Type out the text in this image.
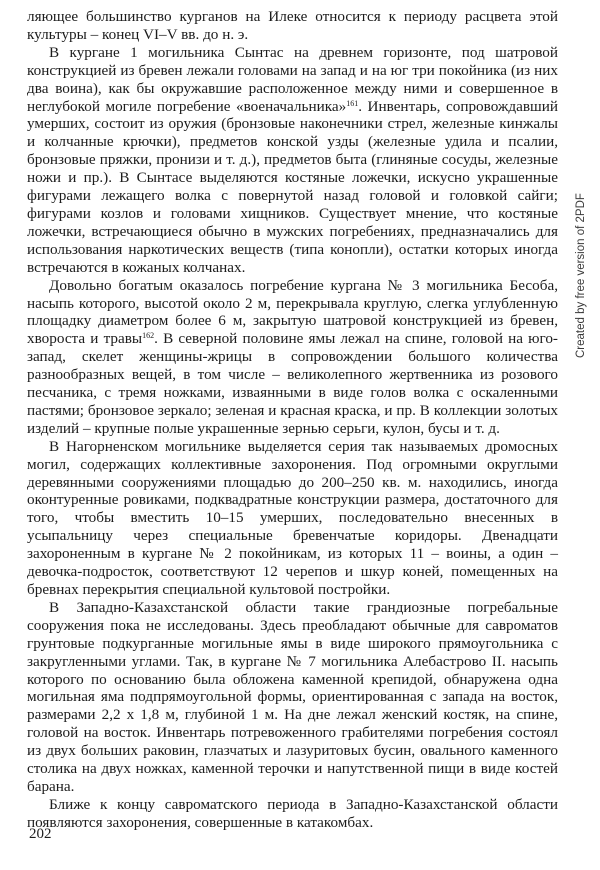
Created by free version of 2PDF

ляющее большинство курганов на Илеке относится к периоду расцвета этой культуры – конец VI–V вв. до н. э.

В кургане 1 могильника Сынтас на древнем горизонте, под шатровой конструкцией из бревен лежали головами на запад и на юг три покойника (из них два воина), как бы окружавшие расположенное между ними и совершенное в неглубокой могиле погребение «военачальника»$^{161}$. Инвентарь, сопровождавший умерших, состоит из оружия (бронзовые наконечники стрел, железные кинжалы и колчанные крючки), предметов конской узды (железные удила и псалии, бронзовые пряжки, пронизи и т. д.), предметов быта (глиняные сосуды, железные ножи и пр.). В Сынтасе выделяются костяные ложечки, искусно украшенные фигурами лежащего волка с повернутой назад головой и головкой сайги; фигурами козлов и головами хищников. Существует мнение, что костяные ложечки, встречающиеся обычно в мужских погребениях, предназначались для использования наркотических веществ (типа конопли), остатки которых иногда встречаются в кожаных колчанах.

Довольно богатым оказалось погребение кургана № 3 могильника Бесоба, насыпь которого, высотой около 2 м, перекрывала круглую, слегка углубленную площадку диаметром более 6 м, закрытую шатровой конструкцией из бревен, хвороста и травы$^{162}$. В северной половине ямы лежал на спине, головой на юго-запад, скелет женщины-жрицы в сопровождении большого количества разнообразных вещей, в том числе – великолепного жертвенника из розового песчаника, с тремя ножками, изваянными в виде голов волка с оскаленными пастями; бронзовое зеркало; зеленая и красная краска, и пр. В коллекции золотых изделий – крупные полые украшенные зернью серьги, кулон, бусы и т. д.

В Нагорненском могильнике выделяется серия так называемых дромосных могил, содержащих коллективные захоронения. Под огромными округлыми деревянными сооружениями площадью до 200–250 кв. м. находились, иногда оконтуренные ровиками, подквадратные конструкции размера, достаточного для того, чтобы вместить 10–15 умерших, последовательно внесенных в усыпальницу через специальные бревенчатые коридоры. Двенадцати захороненным в кургане № 2 покойникам, из которых 11 – воины, а один – девочка-подросток, соответствуют 12 черепов и шкур коней, помещенных на бревнах перекрытия специальной культовой постройки.

В Западно-Казахстанской области такие грандиозные погребальные сооружения пока не исследованы. Здесь преобладают обычные для савроматов грунтовые подкурганные могильные ямы в виде широкого прямоугольника с закругленными углами. Так, в кургане № 7 могильника Алебастрово II. насыпь которого по основанию была обложена каменной крепидой, обнаружена одна могильная яма подпрямоугольной формы, ориентированная с запада на восток, размерами 2,2 х 1,8 м, глубиной 1 м. На дне лежал женский костяк, на спине, головой на восток. Инвентарь потревоженного грабителями погребения состоял из двух больших раковин, глазчатых и лазуритовых бусин, овального каменного столика на двух ножках, каменной терочки и напутственной пищи в виде костей барана.

Ближе к концу савроматского периода в Западно-Казахстанской области появляются захоронения, совершенные в катакомбах.

202
